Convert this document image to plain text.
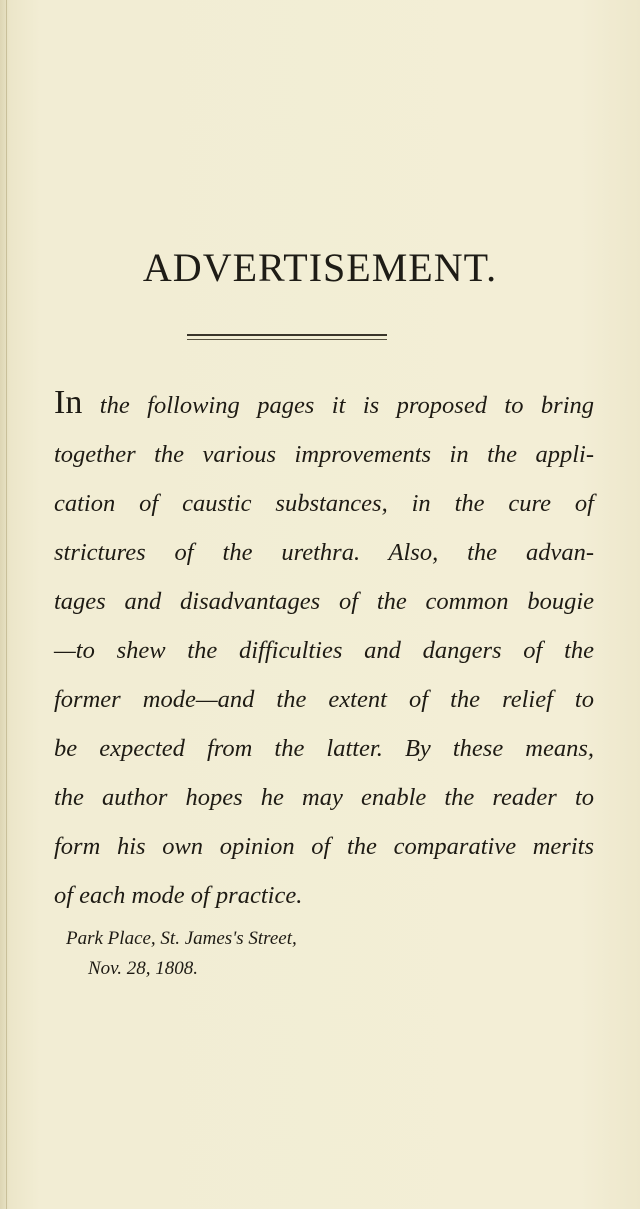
ADVERTISEMENT.
In the following pages it is proposed to bring
together the various improvements in the appli-
cation of caustic substances, in the cure of
strictures of the urethra. Also, the advan-
tages and disadvantages of the common bougie
—to shew the difficulties and dangers of the
former mode—and the extent of the relief to
be expected from the latter. By these means,
the author hopes he may enable the reader to
form his own opinion of the comparative merits
of each mode of practice.
Park Place, St. James's Street,
Nov. 28, 1808.
